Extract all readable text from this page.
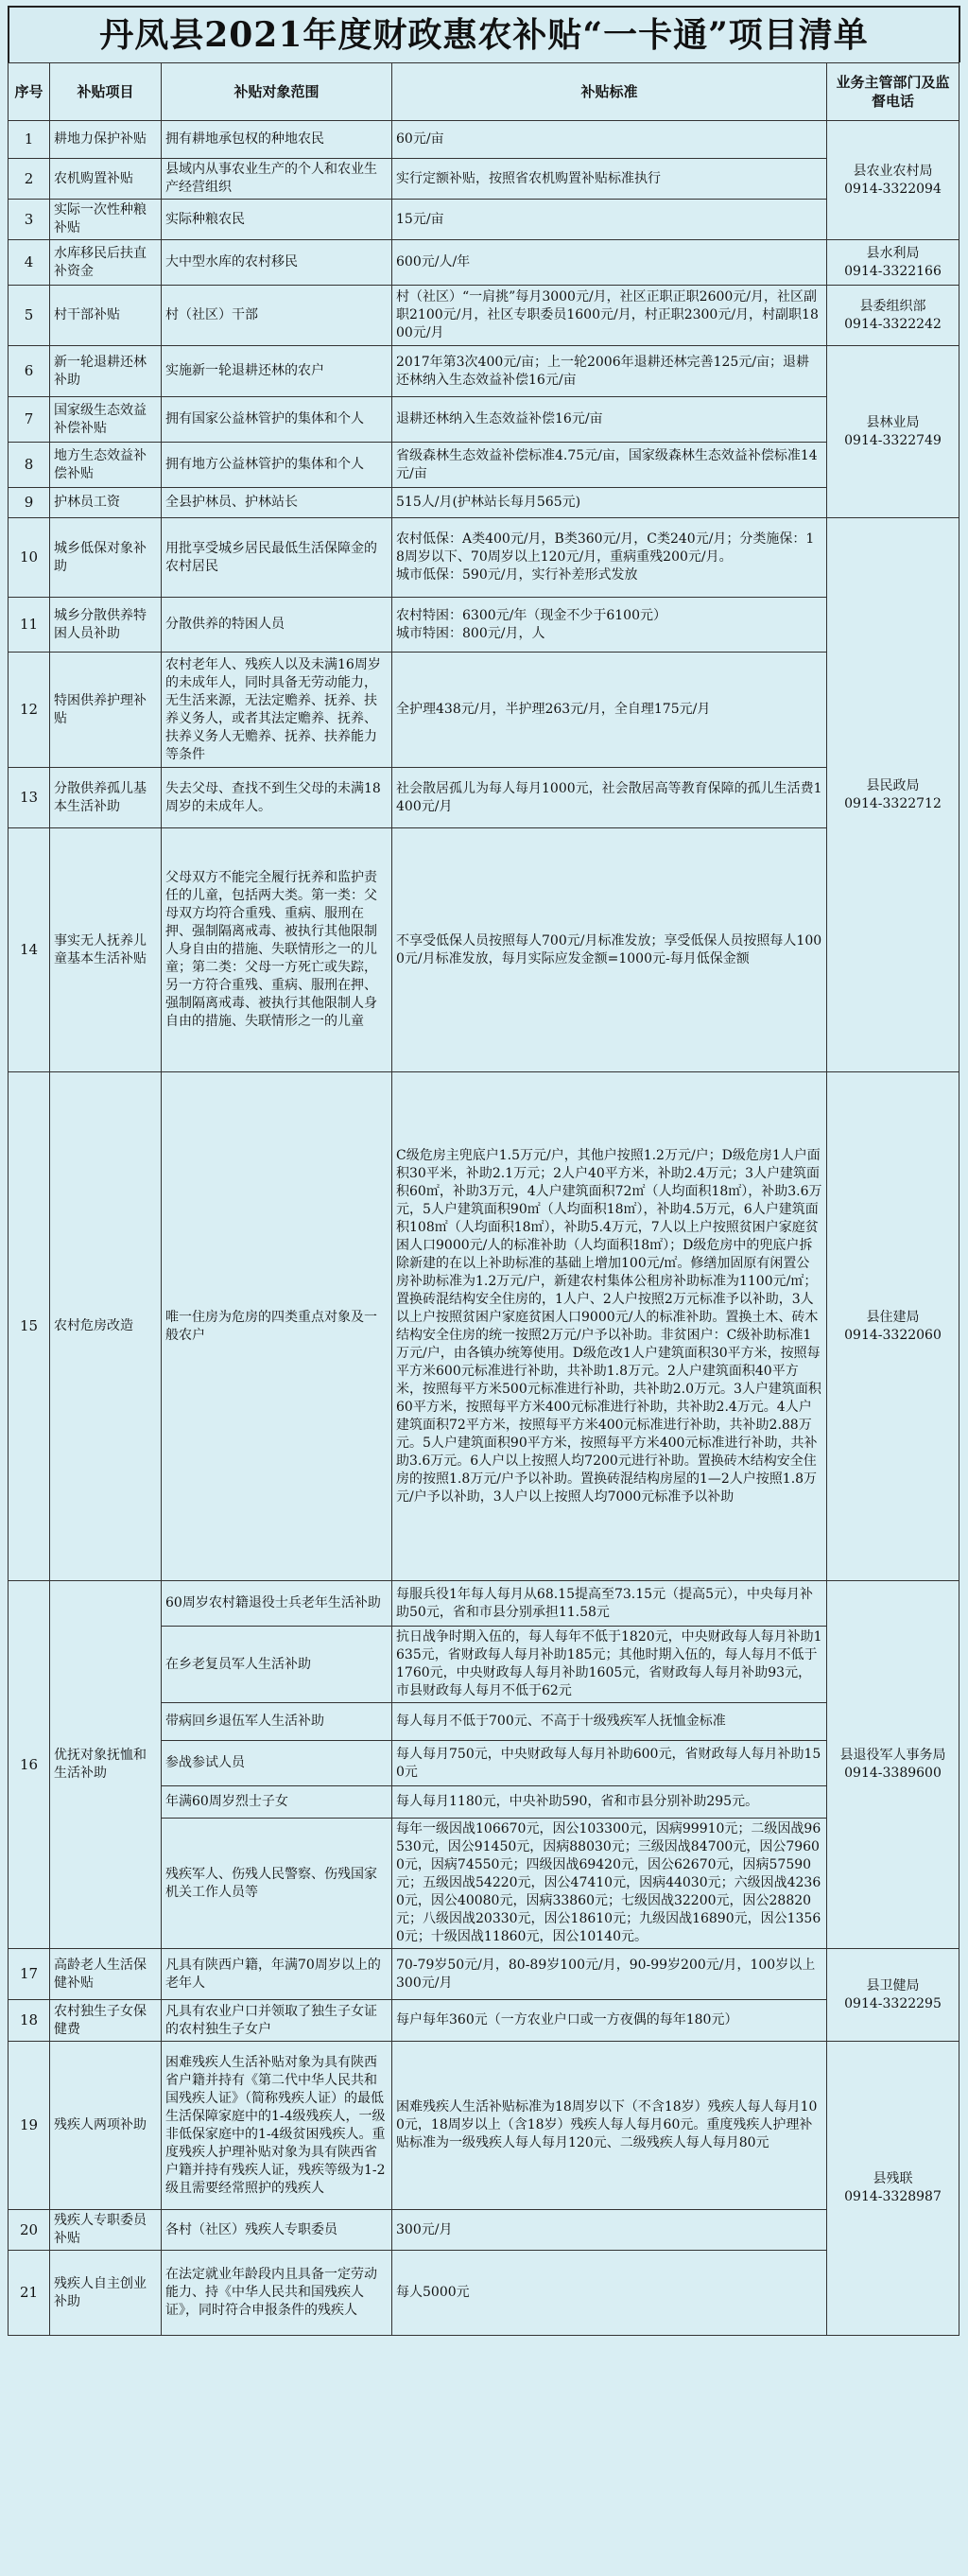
丹凤县2021年度财政惠农补贴“一卡通”项目清单
序号	补贴项目	补贴对象范围	补贴标准	业务主管部门及监督电话
1	耕地力保护补贴	拥有耕地承包权的种地农民	60元/亩	县农业农村局
0914-3322094
2	农机购置补贴	县域内从事农业生产的个人和农业生产经营组织	实行定额补贴，按照省农机购置补贴标准执行	
3	实际一次性种粮补贴	实际种粮农民	15元/亩	
4	水库移民后扶直补资金	大中型水库的农村移民	600元/人/年	县水利局
0914-3322166
5	村干部补贴	村（社区）干部	村（社区）“一肩挑”每月3000元/月，社区正职正职2600元/月，社区副职2100元/月，社区专职委员1600元/月，村正职2300元/月，村副职1800元/月	县委组织部
0914-3322242
6	新一轮退耕还林补助	实施新一轮退耕还林的农户	2017年第3次400元/亩；上一轮2006年退耕还林完善125元/亩；退耕还林纳入生态效益补偿16元/亩	县林业局
0914-3322749
7	国家级生态效益补偿补贴	拥有国家公益林管护的集体和个人	退耕还林纳入生态效益补偿16元/亩	
8	地方生态效益补偿补贴	拥有地方公益林管护的集体和个人	省级森林生态效益补偿标准4.75元/亩，国家级森林生态效益补偿标准14元/亩	
9	护林员工资	全县护林员、护林站长	515人/月(护林站长每月565元)	
10	城乡低保对象补助	用批享受城乡居民最低生活保障金的农村居民	农村低保：A类400元/月，B类360元/月，C类240元/月；分类施保：18周岁以下、70周岁以上120元/月，重病重残200元/月。
城市低保：590元/月，实行补差形式发放	县民政局
0914-3322712
11	城乡分散供养特困人员补助	分散供养的特困人员	农村特困：6300元/年（现金不少于6100元）
城市特困：800元/月，人	
12	特困供养护理补贴	农村老年人、残疾人以及未满16周岁的未成年人，同时具备无劳动能力，无生活来源，无法定赡养、抚养、扶养义务人，或者其法定赡养、抚养、扶养义务人无赡养、抚养、扶养能力等条件	全护理438元/月，半护理263元/月，全自理175元/月	
13	分散供养孤儿基本生活补助	失去父母、查找不到生父母的未满18周岁的未成年人。	社会散居孤儿为每人每月1000元，社会散居高等教育保障的孤儿生活费1400元/月	
14	事实无人抚养儿童基本生活补贴	父母双方不能完全履行抚养和监护责任的儿童，包括两大类。第一类：父母双方均符合重残、重病、服刑在押、强制隔离戒毒、被执行其他限制人身自由的措施、失联情形之一的儿童；第二类：父母一方死亡或失踪，另一方符合重残、重病、服刑在押、强制隔离戒毒、被执行其他限制人身自由的措施、失联情形之一的儿童	不享受低保人员按照每人700元/月标准发放；享受低保人员按照每人1000元/月标准发放，每月实际应发金额=1000元-每月低保金额	
15	农村危房改造	唯一住房为危房的四类重点对象及一般农户	C级危房主兜底户1.5万元/户，其他户按照1.2万元/户；D级危房1人户面积30平米，补助2.1万元；2人户40平方米，补助2.4万元；3人户建筑面积60㎡，补助3万元，4人户建筑面积72㎡（人均面积18㎡），补助3.6万元，5人户建筑面积90㎡（人均面积18㎡），补助4.5万元，6人户建筑面积108㎡（人均面积18㎡），补助5.4万元，7人以上户按照贫困户家庭贫困人口9000元/人的标准补助（人均面积18㎡）；D级危房中的兜底户拆除新建的在以上补助标准的基础上增加100元/㎡。修缮加固原有闲置公房补助标准为1.2万元/户，新建农村集体公租房补助标准为1100元/㎡；置换砖混结构安全住房的，1人户、2人户按照2万元标准予以补助，3人以上户按照贫困户家庭贫困人口9000元/人的标准补助。置换土木、砖木结构安全住房的统一按照2万元/户予以补助。非贫困户：C级补助标准1万元/户，由各镇办统筹使用。D级危改1人户建筑面积30平方米，按照每平方米600元标准进行补助，共补助1.8万元。2人户建筑面积40平方米，按照每平方米500元标准进行补助，共补助2.0万元。3人户建筑面积60平方米，按照每平方米400元标准进行补助，共补助2.4万元。4人户建筑面积72平方米，按照每平方米400元标准进行补助，共补助2.88万元。5人户建筑面积90平方米，按照每平方米400元标准进行补助，共补助3.6万元。6人户以上按照人均7200元进行补助。置换砖木结构安全住房的按照1.8万元/户予以补助。置换砖混结构房屋的1—2人户按照1.8万元/户予以补助，3人户以上按照人均7000元标准予以补助	县住建局
0914-3322060
16	优抚对象抚恤和生活补助	60周岁农村籍退役士兵老年生活补助	每服兵役1年每人每月从68.15提高至73.15元（提高5元），中央每月补助50元，省和市县分别承担11.58元	县退役军人事务局
0914-3389600
		在乡老复员军人生活补助	抗日战争时期入伍的，每人每年不低于1820元，中央财政每人每月补助1635元，省财政每人每月补助185元；其他时期入伍的，每人每月不低于1760元，中央财政每人每月补助1605元，省财政每人每月补助93元，市县财政每人每月不低于62元	
		带病回乡退伍军人生活补助	每人每月不低于700元、不高于十级残疾军人抚恤金标准	
		参战参试人员	每人每月750元，中央财政每人每月补助600元，省财政每人每月补助150元	
		年满60周岁烈士子女	每人每月1180元，中央补助590，省和市县分别补助295元。	
		残疾军人、伤残人民警察、伤残国家机关工作人员等	每年一级因战106670元，因公103300元，因病99910元；二级因战96530元，因公91450元，因病88030元；三级因战84700元，因公79600元，因病74550元；四级因战69420元，因公62670元，因病57590元；五级因战54220元，因公47410元，因病44030元；六级因战42360元，因公40080元，因病33860元；七级因战32200元，因公28820元；八级因战20330元，因公18610元；九级因战16890元，因公13560元；十级因战11860元，因公10140元。	
17	高龄老人生活保健补贴	凡具有陕西户籍，年满70周岁以上的老年人	70-79岁50元/月，80-89岁100元/月，90-99岁200元/月，100岁以上300元/月	县卫健局
0914-3322295
18	农村独生子女保健费	凡具有农业户口并领取了独生子女证的农村独生子女户	每户每年360元（一方农业户口或一方夜偶的每年180元）	
19	残疾人两项补助	困难残疾人生活补贴对象为具有陕西省户籍并持有《第二代中华人民共和国残疾人证》（简称残疾人证）的最低生活保障家庭中的1-4级残疾人，一级非低保家庭中的1-4级贫困残疾人。重度残疾人护理补贴对象为具有陕西省户籍并持有残疾人证，残疾等级为1-2级且需要经常照护的残疾人	困难残疾人生活补贴标准为18周岁以下（不含18岁）残疾人每人每月100元，18周岁以上（含18岁）残疾人每人每月60元。重度残疾人护理补贴标准为一级残疾人每人每月120元、二级残疾人每人每月80元	县残联
0914-3328987
20	残疾人专职委员补贴	各村（社区）残疾人专职委员	300元/月	
21	残疾人自主创业补助	在法定就业年龄段内且具备一定劳动能力、持《中华人民共和国残疾人证》，同时符合申报条件的残疾人	每人5000元	
